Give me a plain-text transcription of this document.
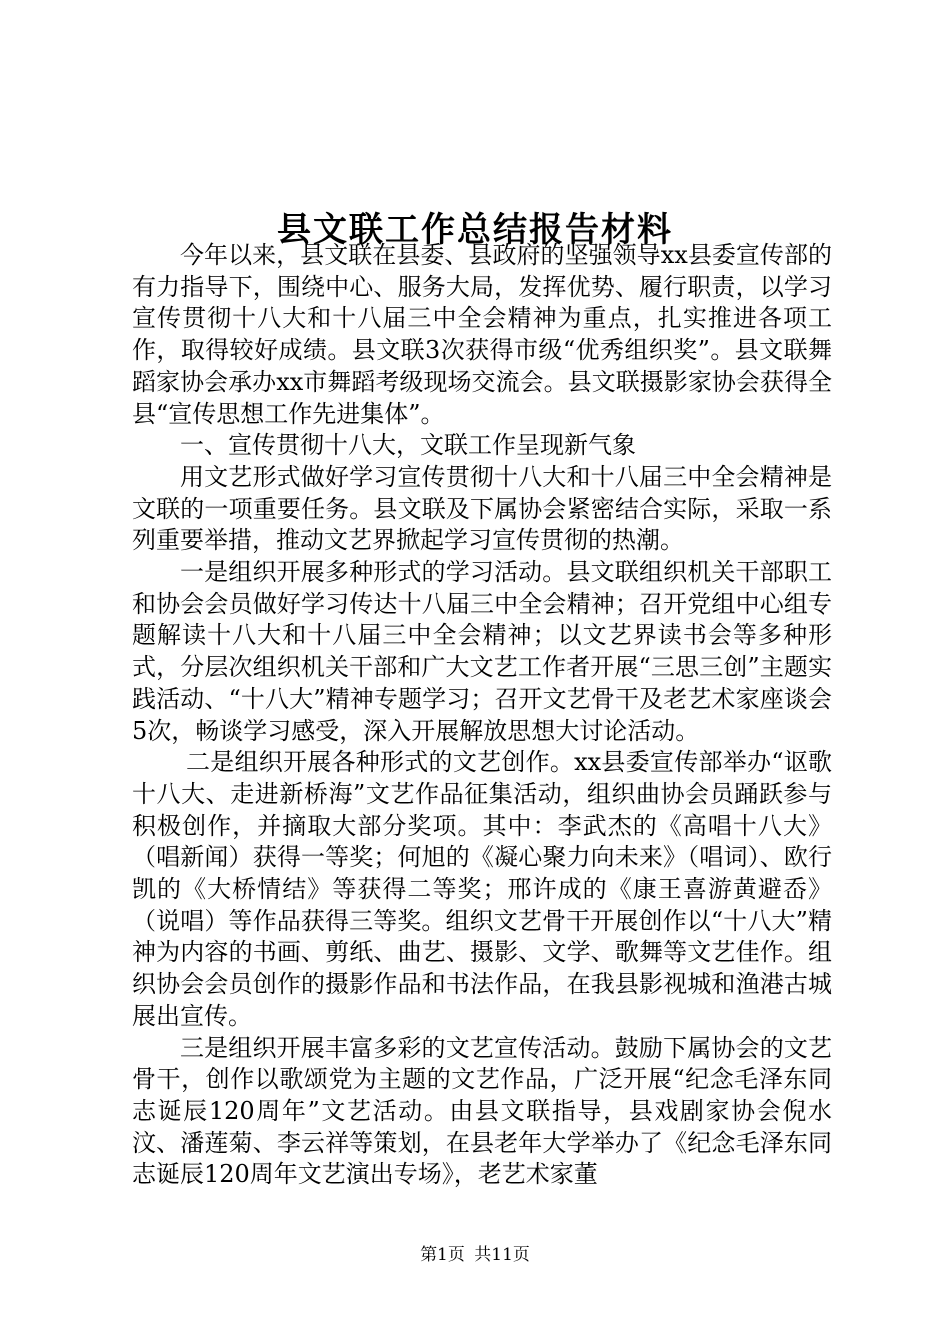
县文联工作总结报告材料

今年以来，县文联在县委、县政府的坚强领导xx县委宣传部的有力指导下，围绕中心、服务大局，发挥优势、履行职责，以学习宣传贯彻十八大和十八届三中全会精神为重点，扎实推进各项工作，取得较好成绩。县文联3次获得市级“优秀组织奖”。县文联舞蹈家协会承办xx市舞蹈考级现场交流会。县文联摄影家协会获得全县“宣传思想工作先进集体”。

一、宣传贯彻十八大，文联工作呈现新气象

用文艺形式做好学习宣传贯彻十八大和十八届三中全会精神是文联的一项重要任务。县文联及下属协会紧密结合实际，采取一系列重要举措，推动文艺界掀起学习宣传贯彻的热潮。

一是组织开展多种形式的学习活动。县文联组织机关干部职工和协会会员做好学习传达十八届三中全会精神；召开党组中心组专题解读十八大和十八届三中全会精神；以文艺界读书会等多种形式，分层次组织机关干部和广大文艺工作者开展“三思三创”主题实践活动、“十八大”精神专题学习；召开文艺骨干及老艺术家座谈会5次，畅谈学习感受，深入开展解放思想大讨论活动。

二是组织开展各种形式的文艺创作。xx县委宣传部举办“讴歌十八大、走进新桥海”文艺作品征集活动，组织曲协会员踊跃参与积极创作，并摘取大部分奖项。其中：李武杰的《高唱十八大》（唱新闻）获得一等奖；何旭的《凝心聚力向未来》（唱词）、欧行凯的《大桥情结》等获得二等奖；邢许成的《康王喜游黄避岙》（说唱）等作品获得三等奖。组织文艺骨干开展创作以“十八大”精神为内容的书画、剪纸、曲艺、摄影、文学、歌舞等文艺佳作。组织协会会员创作的摄影作品和书法作品，在我县影视城和渔港古城展出宣传。

三是组织开展丰富多彩的文艺宣传活动。鼓励下属协会的文艺骨干，创作以歌颂党为主题的文艺作品，广泛开展“纪念毛泽东同志诞辰120周年”文艺活动。由县文联指导，县戏剧家协会倪水汶、潘莲菊、李云祥等策划，在县老年大学举办了《纪念毛泽东同志诞辰120周年文艺演出专场》，老艺术家董

第1页 共11页
